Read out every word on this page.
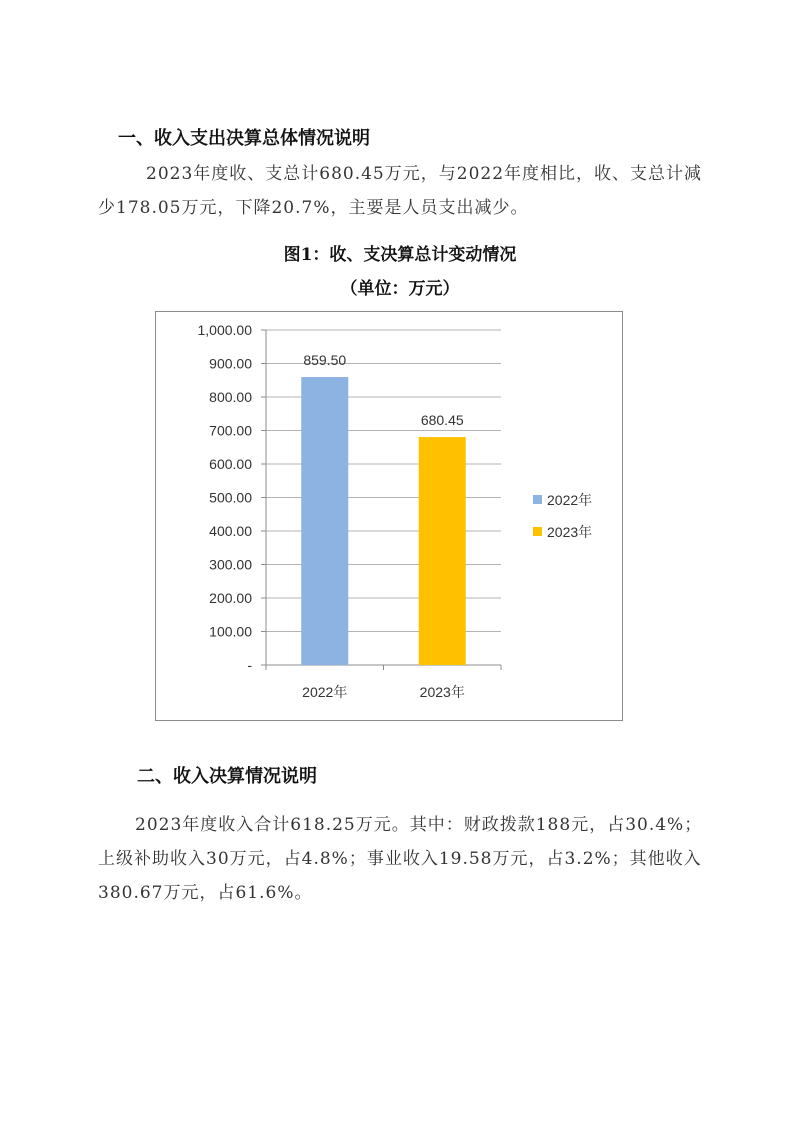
一、收入支出决算总体情况说明
2023年度收、支总计680.45万元，与2022年度相比，收、支总计减少178.05万元，下降20.7%，主要是人员支出减少。
图1：收、支决算总计变动情况
（单位：万元）
-
100.00
200.00
300.00
400.00
500.00
600.00
700.00
800.00
900.00
1,000.00
859.50
2022年
680.45
2023年
2022年
2023年
二、收入决算情况说明
2023年度收入合计618.25万元。其中：财政拨款188元，占30.4%；上级补助收入30万元，占4.8%；事业收入19.58万元，占3.2%；其他收入380.67万元，占61.6%。
